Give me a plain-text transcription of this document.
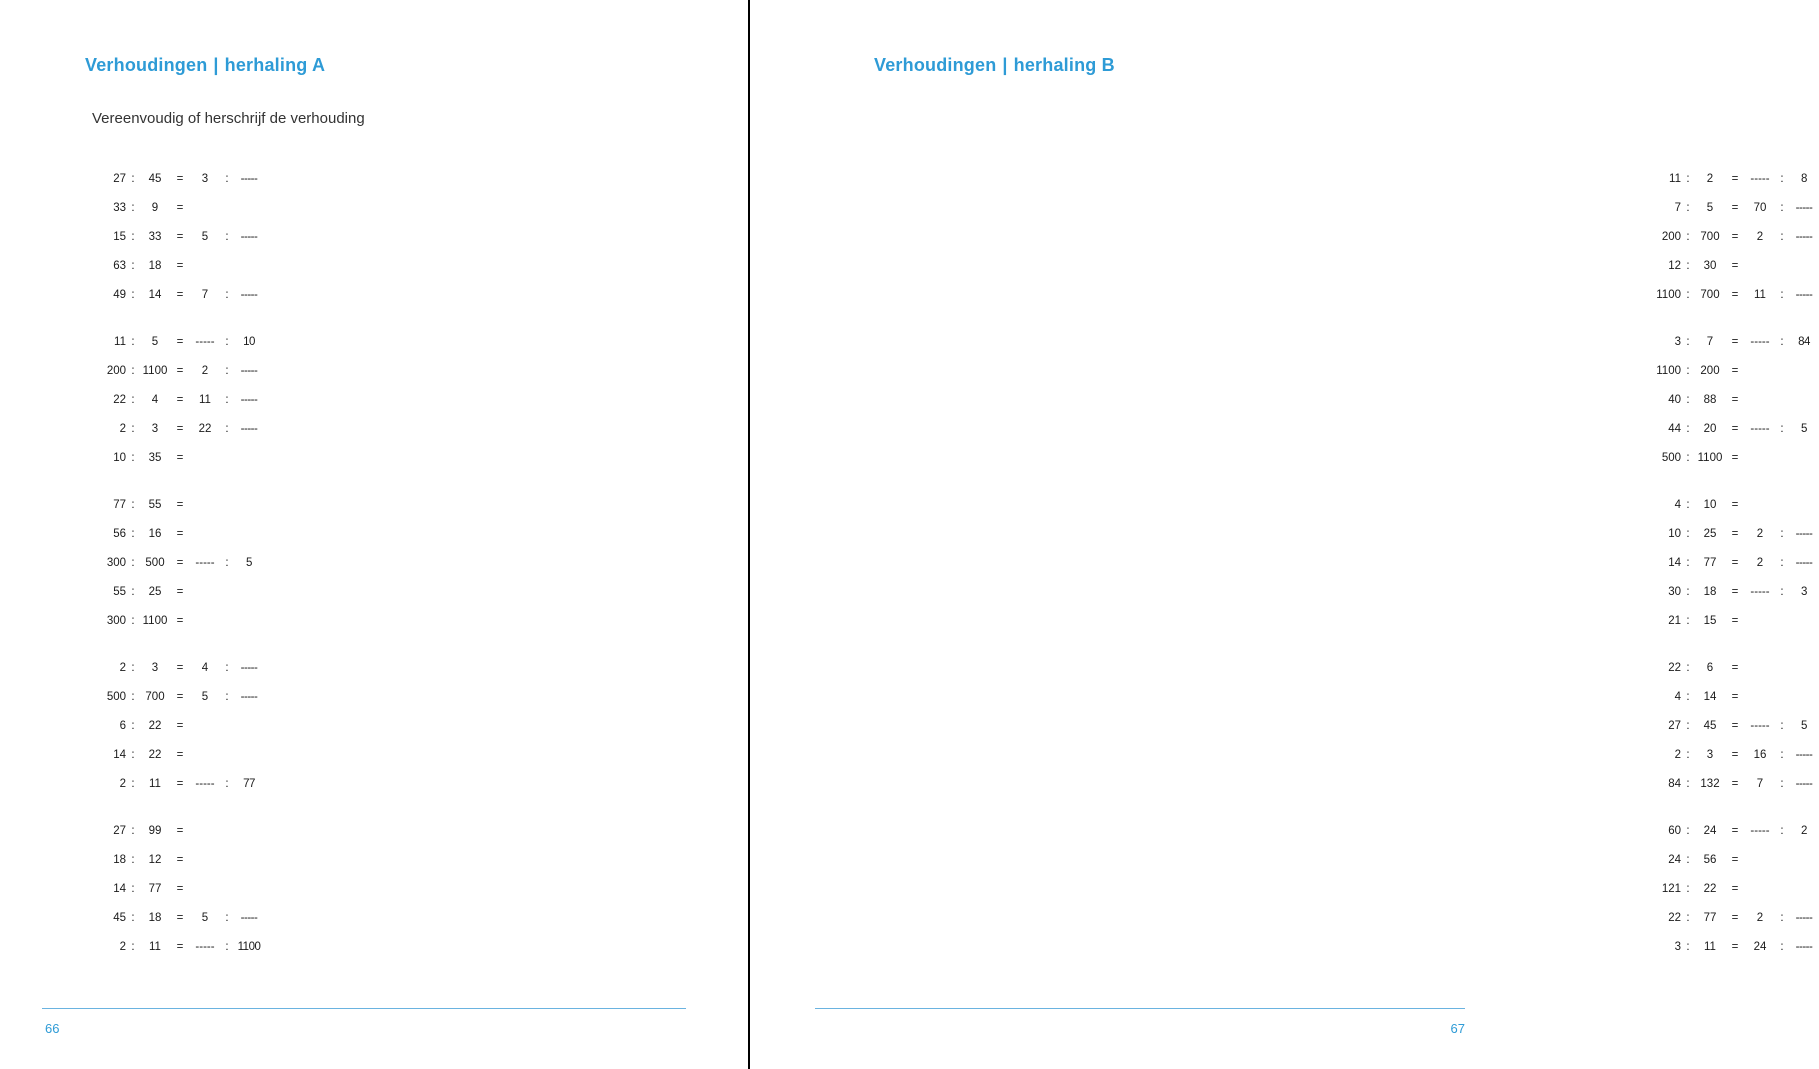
Verhoudingen | herhaling A
Vereenvoudig of herschrijf de verhouding
27 : 45 = 3 : -----
33 : 9 =
15 : 33 = 5 : -----
63 : 18 =
49 : 14 = 7 : -----
11 : 5 = ----- : 10
200 : 1100 = 2 : -----
22 : 4 = 11 : -----
2 : 3 = 22 : -----
10 : 35 =
77 : 55 =
56 : 16 =
300 : 500 = ----- : 5
55 : 25 =
300 : 1100 =
2 : 3 = 4 : -----
500 : 700 = 5 : -----
6 : 22 =
14 : 22 =
2 : 11 = ----- : 77
27 : 99 =
18 : 12 =
14 : 77 =
45 : 18 = 5 : -----
2 : 11 = ----- : 1100
66
Verhoudingen | herhaling B
11 : 2 = ----- : 8
7 : 5 = 70 : -----
200 : 700 = 2 : -----
12 : 30 =
1100 : 700 = 11 : -----
3 : 7 = ----- : 84
1100 : 200 =
40 : 88 =
44 : 20 = ----- : 5
500 : 1100 =
4 : 10 =
10 : 25 = 2 : -----
14 : 77 = 2 : -----
30 : 18 = ----- : 3
21 : 15 =
22 : 6 =
4 : 14 =
27 : 45 = ----- : 5
2 : 3 = 16 : -----
84 : 132 = 7 : -----
60 : 24 = ----- : 2
24 : 56 =
121 : 22 =
22 : 77 = 2 : -----
3 : 11 = 24 : -----
67
